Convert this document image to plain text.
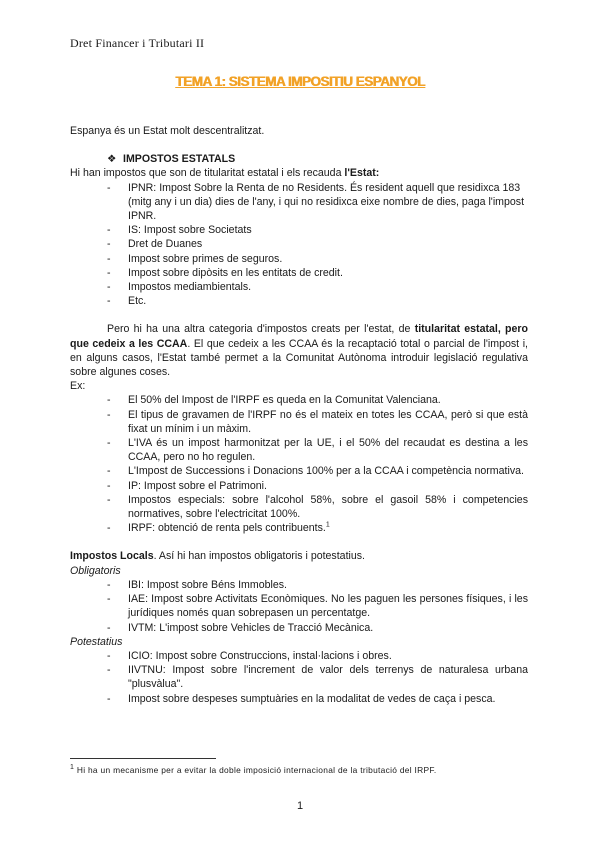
Dret Financer i Tributari II
TEMA 1: SISTEMA IMPOSITIU ESPANYOL

Espanya és un Estat molt descentralitzat.

❖ IMPOSTOS ESTATALS

Hi han impostos que son de titularitat estatal i els recauda l'Estat:

- IPNR: Impost Sobre la Renta de no Residents. És resident aquell que residixca 183 (mitg any i un dia) dies de l'any, i qui no residixca eixe nombre de dies, paga l'impost IPNR.
- IS: Impost sobre Societats
- Dret de Duanes
- Impost sobre primes de seguros.
- Impost sobre dipòsits en les entitats de credit.
- Impostos mediambientals.
- Etc.

Pero hi ha una altra categoria d'impostos creats per l'estat, de titularitat estatal, pero que cedeix a les CCAA. El que cedeix a les CCAA és la recaptació total o parcial de l'impost i, en alguns casos, l'Estat també permet a la Comunitat Autònoma introduir legislació regulativa sobre algunes coses.

Ex:

- El 50% del Impost de l'IRPF es queda en la Comunitat Valenciana.
- El tipus de gravamen de l'IRPF no és el mateix en totes les CCAA, però si que està fixat un mínim i un màxim.
- L'IVA és un impost harmonitzat per la UE, i el 50% del recaudat es destina a les CCAA, pero no ho regulen.
- L'Impost de Successions i Donacions 100% per a la CCAA i competència normativa.
- IP: Impost sobre el Patrimoni.
- Impostos especials: sobre l'alcohol 58%, sobre el gasoil 58% i competencies normatives, sobre l'electricitat 100%.
- IRPF: obtenció de renta pels contribuents.$^1$

Impostos Locals. Así hi han impostos obligatoris i potestatius.

Obligatoris

- IBI: Impost sobre Béns Immobles.
- IAE: Impost sobre Activitats Econòmiques. No les paguen les persones físiques, i les jurídiques només quan sobrepasen un percentatge.
- IVTM: L'impost sobre Vehicles de Tracció Mecànica.

Potestatius

- ICIO: Impost sobre Construccions, instal·lacions i obres.
- IIVTNU: Impost sobre l'increment de valor dels terrenys de naturalesa urbana "plusvàlua".
- Impost sobre despeses sumptuàries en la modalitat de vedes de caça i pesca.
$^1$ Hi ha un mecanisme per a evitar la doble imposició internacional de la tributació del IRPF.
1
